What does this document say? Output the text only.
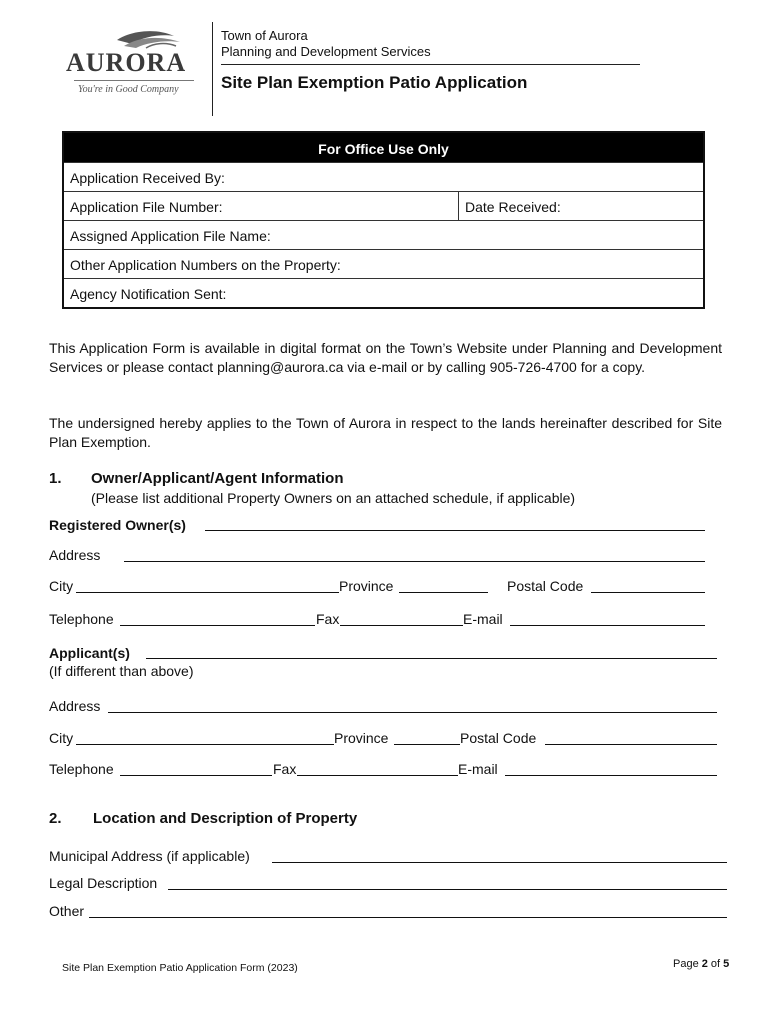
AURORA
You're in Good Company
Town of Aurora
Planning and Development Services
Site Plan Exemption Patio Application
For Office Use Only
Application Received By:
Application File Number:	Date Received:
Assigned Application File Name:
Other Application Numbers on the Property:
Agency Notification Sent:
This Application Form is available in digital format on the Town’s Website under Planning and Development Services or please contact planning@aurora.ca via e-mail or by calling 905-726-4700 for a copy.
The undersigned hereby applies to the Town of Aurora in respect to the lands hereinafter described for Site Plan Exemption.
1. Owner/Applicant/Agent Information
(Please list additional Property Owners on an attached schedule, if applicable)
Registered Owner(s)
Address
City	Province	Postal Code
Telephone	Fax	E-mail
Applicant(s)
(If different than above)
Address
City	Province	Postal Code
Telephone	Fax	E-mail
2. Location and Description of Property
Municipal Address (if applicable)
Legal Description
Other
Site Plan Exemption Patio Application Form (2023)	Page 2 of 5
